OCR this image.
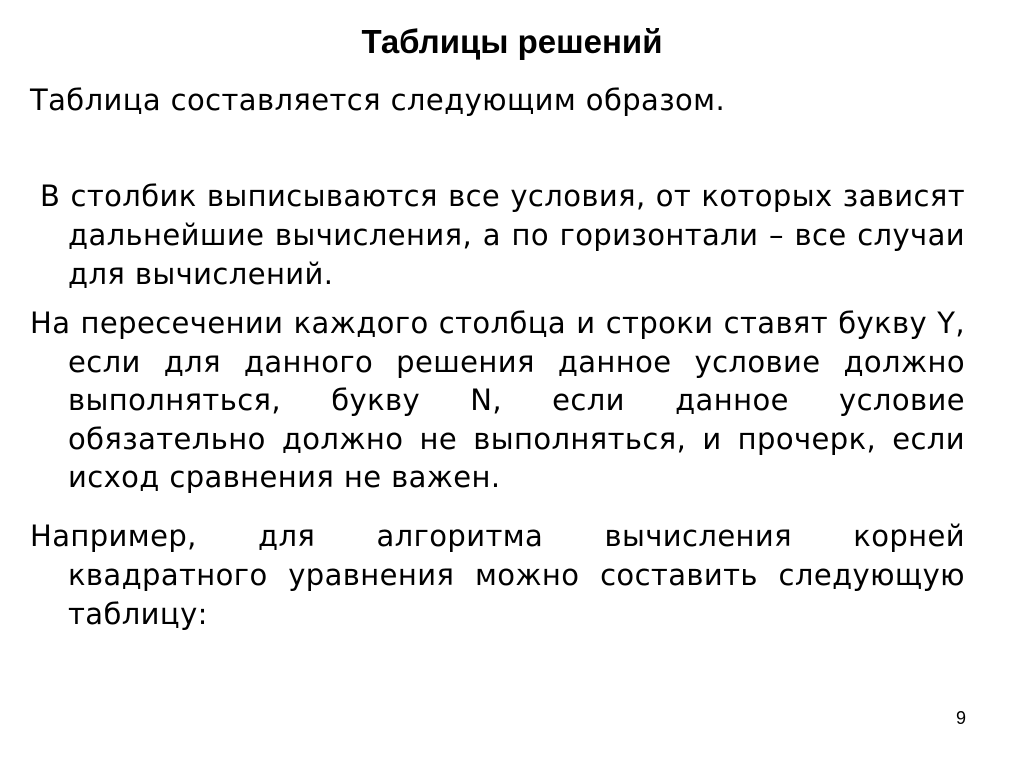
Таблицы решений
Таблица составляется следующим образом.
В столбик выписываются все условия, от которых зависят дальнейшие вычисления, а по горизонтали – все случаи для вычислений.
На пересечении каждого столбца и строки ставят букву Y, если для данного решения данное условие должно выполняться, букву N, если данное условие обязательно должно не выполняться, и прочерк, если исход сравнения не важен.
Например, для алгоритма вычисления корней квадратного уравнения можно составить следующую таблицу:
9
